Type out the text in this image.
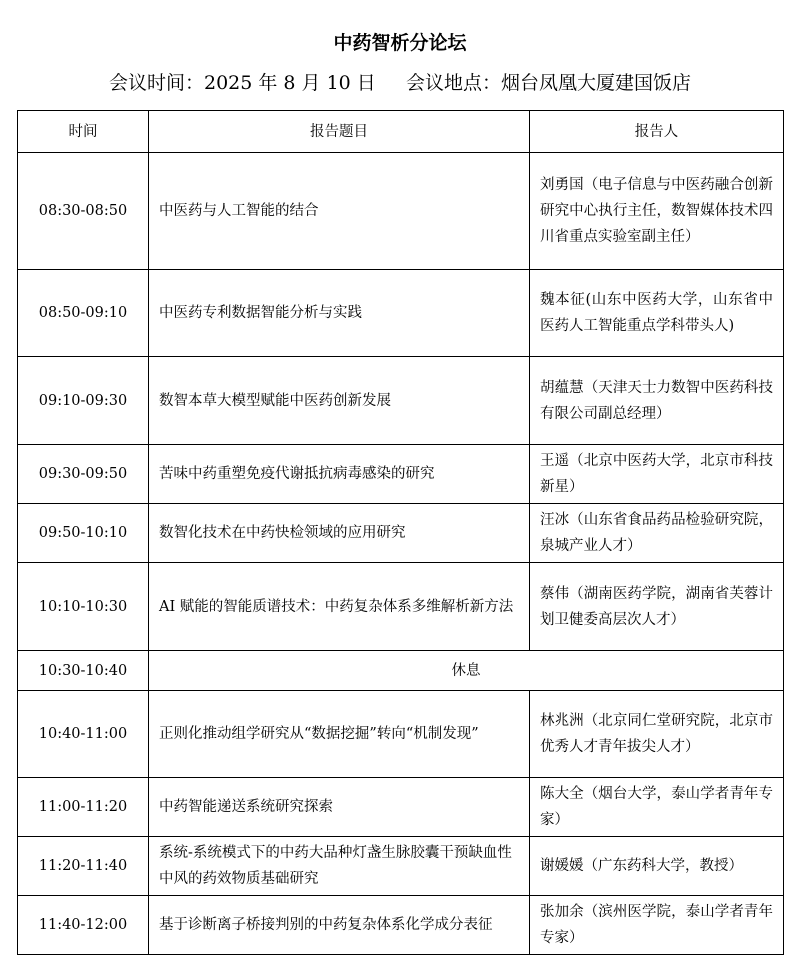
中药智析分论坛
会议时间：2025 年 8 月 10 日     会议地点：烟台凤凰大厦建国饭店
时间	报告题目	报告人
08:30-08:50	中医药与人工智能的结合	刘勇国（电子信息与中医药融合创新研究中心执行主任，数智媒体技术四川省重点实验室副主任）
08:50-09:10	中医药专利数据智能分析与实践	魏本征(山东中医药大学，山东省中医药人工智能重点学科带头人)
09:10-09:30	数智本草大模型赋能中医药创新发展	胡蕴慧（天津天士力数智中医药科技有限公司副总经理）
09:30-09:50	苦味中药重塑免疫代谢抵抗病毒感染的研究	王遥（北京中医药大学，北京市科技新星）
09:50-10:10	数智化技术在中药快检领域的应用研究	汪冰（山东省食品药品检验研究院，泉城产业人才）
10:10-10:30	AI 赋能的智能质谱技术：中药复杂体系多维解析新方法	蔡伟（湖南医药学院，湖南省芙蓉计划卫健委高层次人才）
10:30-10:40	休息	
10:40-11:00	正则化推动组学研究从“数据挖掘”转向“机制发现”	林兆洲（北京同仁堂研究院，北京市优秀人才青年拔尖人才）
11:00-11:20	中药智能递送系统研究探索	陈大全（烟台大学，泰山学者青年专家）
11:20-11:40	系统-系统模式下的中药大品种灯盏生脉胶囊干预缺血性中风的药效物质基础研究	谢媛媛（广东药科大学，教授）
11:40-12:00	基于诊断离子桥接判别的中药复杂体系化学成分表征	张加余（滨州医学院，泰山学者青年专家）
